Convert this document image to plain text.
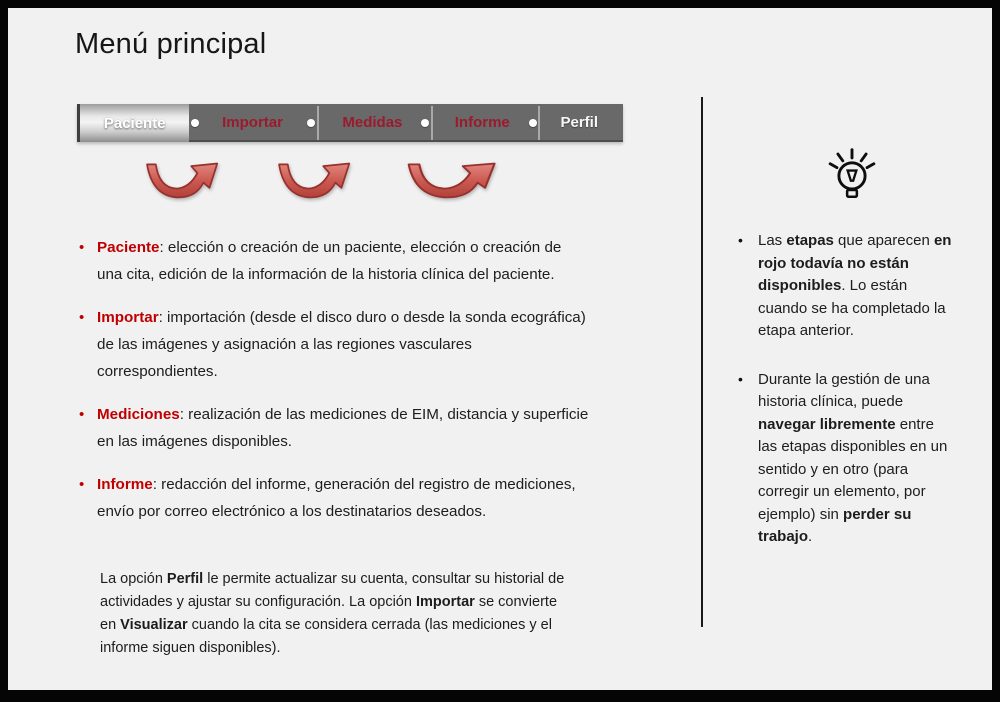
Menú principal
Paciente	Importar	Medidas	Informe	Perfil
• Paciente: elección o creación de un paciente, elección o creación de una cita, edición de la información de la historia clínica del paciente.
• Importar: importación (desde el disco duro o desde la sonda ecográfica) de las imágenes y asignación a las regiones vasculares correspondientes.
• Mediciones: realización de las mediciones de EIM, distancia y superficie en las imágenes disponibles.
• Informe: redacción del informe, generación del registro de mediciones, envío por correo electrónico a los destinatarios deseados.

La opción Perfil le permite actualizar su cuenta, consultar su historial de actividades y ajustar su configuración. La opción Importar se convierte en Visualizar cuando la cita se considera cerrada (las mediciones y el informe siguen disponibles).

• Las etapas que aparecen en rojo todavía no están disponibles. Lo están cuando se ha completado la etapa anterior.
• Durante la gestión de una historia clínica, puede navegar libremente entre las etapas disponibles en un sentido y en otro (para corregir un elemento, por ejemplo) sin perder su trabajo.
